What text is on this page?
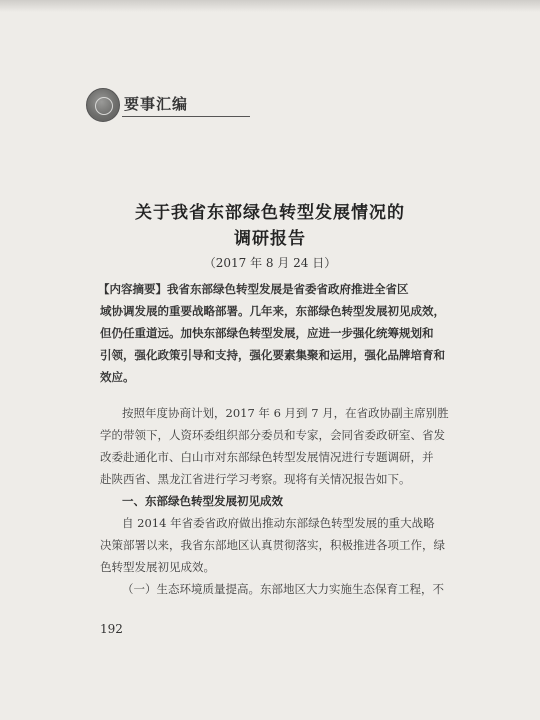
要事汇编
关于我省东部绿色转型发展情况的
调研报告
（2017 年 8 月 24 日）
【内容摘要】我省东部绿色转型发展是省委省政府推进全省区
域协调发展的重要战略部署。几年来，东部绿色转型发展初见成效，
但仍任重道远。加快东部绿色转型发展，应进一步强化统筹规划和
引领，强化政策引导和支持，强化要素集聚和运用，强化品牌培育和
效应。
按照年度协商计划，2017 年 6 月到 7 月，在省政协副主席别胜
学的带领下，人资环委组织部分委员和专家，会同省委政研室、省发
改委赴通化市、白山市对东部绿色转型发展情况进行专题调研，并
赴陕西省、黑龙江省进行学习考察。现将有关情况报告如下。
一、东部绿色转型发展初见成效
自 2014 年省委省政府做出推动东部绿色转型发展的重大战略
决策部署以来，我省东部地区认真贯彻落实，积极推进各项工作，绿
色转型发展初见成效。
（一）生态环境质量提高。东部地区大力实施生态保育工程，不
192
